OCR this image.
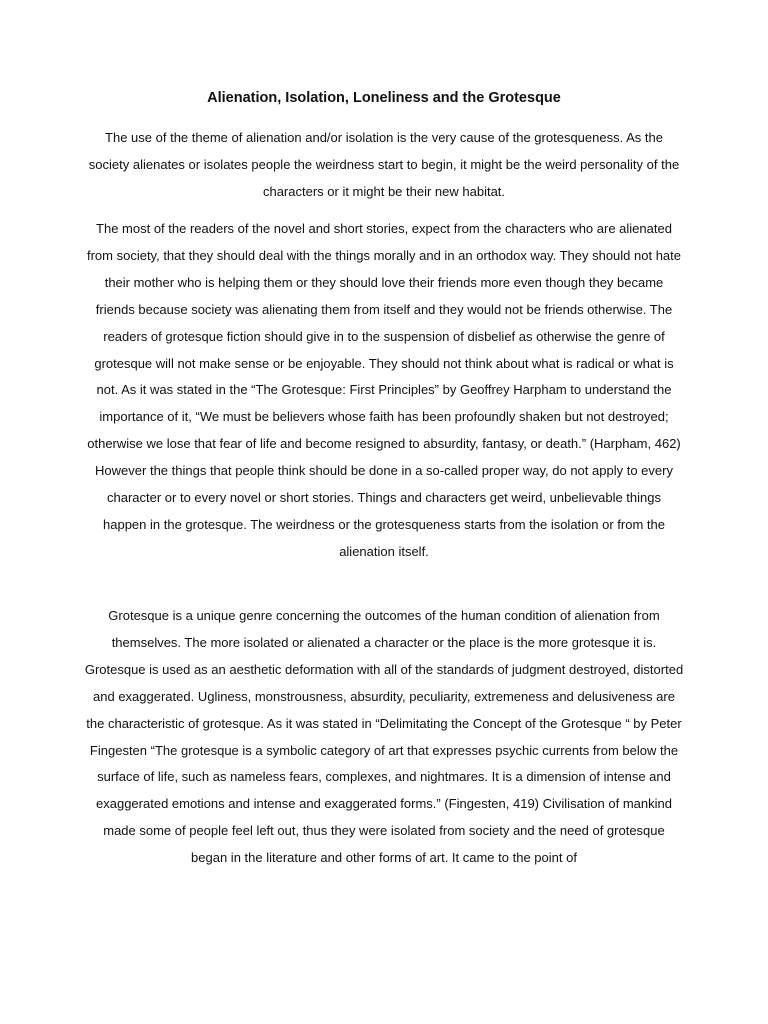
Alienation, Isolation, Loneliness and the Grotesque

The use of the theme of alienation and/or isolation is the very cause of the grotesqueness. As the society alienates or isolates people the weirdness start to begin, it might be the weird personality of the characters or it might be their new habitat.

The most of the readers of the novel and short stories, expect from the characters who are alienated from society, that they should deal with the things morally and in an orthodox way. They should not hate their mother who is helping them or they should love their friends more even though they became friends because society was alienating them from itself and they would not be friends otherwise. The readers of grotesque fiction should give in to the suspension of disbelief as otherwise the genre of grotesque will not make sense or be enjoyable. They should not think about what is radical or what is not. As it was stated in the “The Grotesque: First Principles” by Geoffrey Harpham to understand the importance of it, “We must be believers whose faith has been profoundly shaken but not destroyed; otherwise we lose that fear of life and become resigned to absurdity, fantasy, or death.” (Harpham, 462) However the things that people think should be done in a so-called proper way, do not apply to every character or to every novel or short stories. Things and characters get weird, unbelievable things happen in the grotesque. The weirdness or the grotesqueness starts from the isolation or from the alienation itself.

Grotesque is a unique genre concerning the outcomes of the human condition of alienation from themselves. The more isolated or alienated a character or the place is the more grotesque it is. Grotesque is used as an aesthetic deformation with all of the standards of judgment destroyed, distorted and exaggerated. Ugliness, monstrousness, absurdity, peculiarity, extremeness and delusiveness are the characteristic of grotesque. As it was stated in “Delimitating the Concept of the Grotesque “ by Peter Fingesten “The grotesque is a symbolic category of art that expresses psychic currents from below the surface of life, such as nameless fears, complexes, and nightmares. It is a dimension of intense and exaggerated emotions and intense and exaggerated forms.” (Fingesten, 419) Civilisation of mankind made some of people feel left out, thus they were isolated from society and the need of grotesque began in the literature and other forms of art. It came to the point of
